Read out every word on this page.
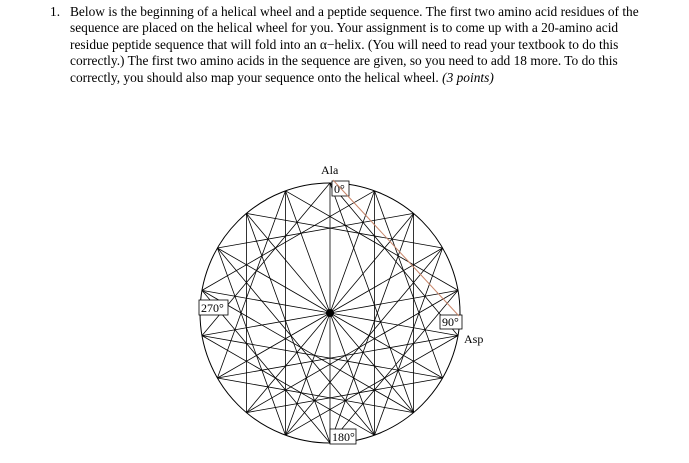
1. Below is the beginning of a helical wheel and a peptide sequence. The first two amino acid residues of the sequence are placed on the helical wheel for you. Your assignment is to come up with a 20-amino acid residue peptide sequence that will fold into an α−helix. (You will need to read your textbook to do this correctly.) The first two amino acids in the sequence are given, so you need to add 18 more. To do this correctly, you should also map your sequence onto the helical wheel. (3 points)
0°
270°
90°
180°
Ala
Asp
